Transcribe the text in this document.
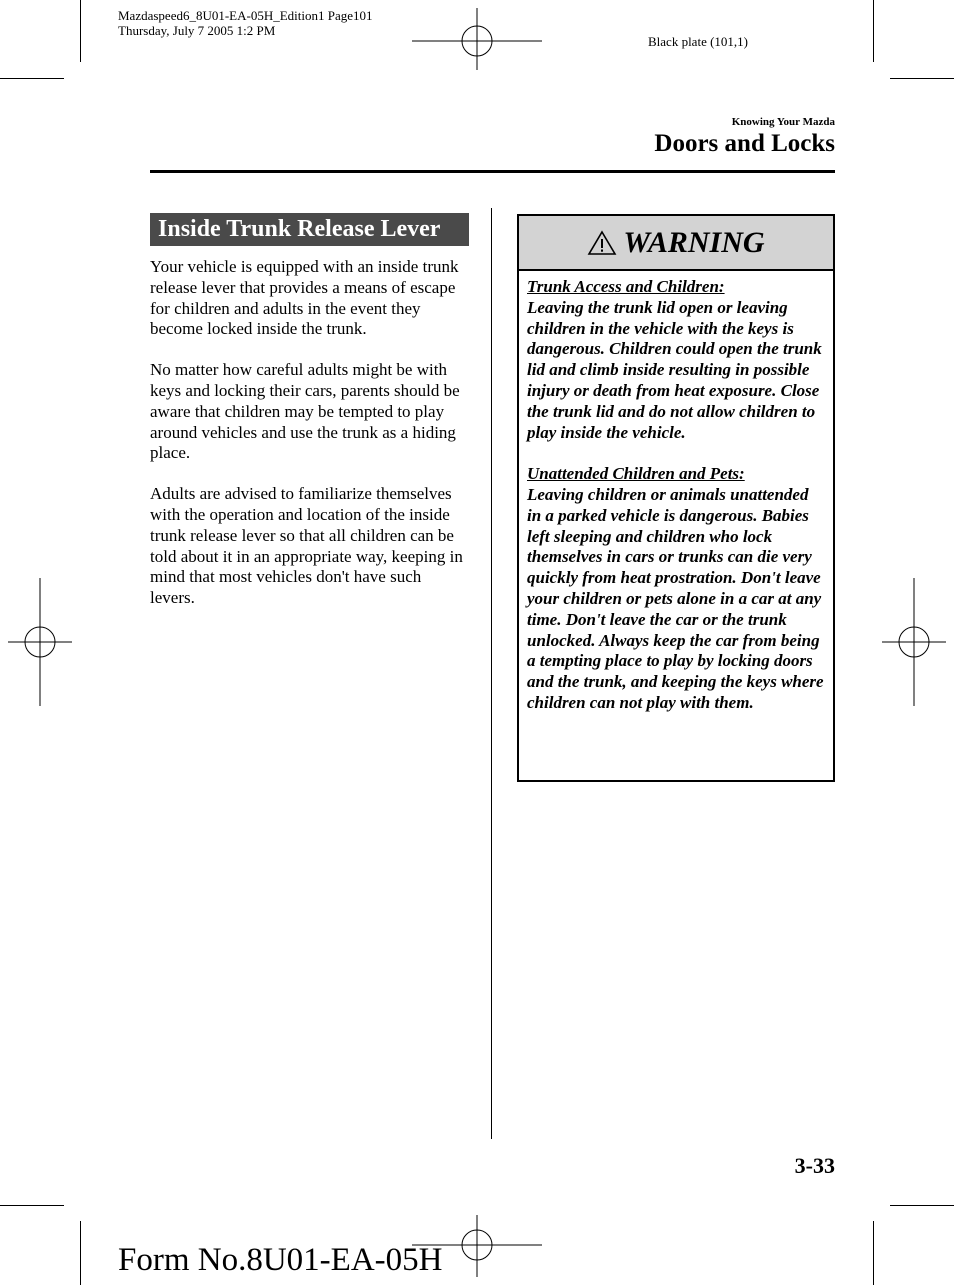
Mazdaspeed6_8U01-EA-05H_Edition1 Page101
Thursday, July 7 2005 1:2 PM
Black plate (101,1)
Knowing Your Mazda
Doors and Locks
Inside Trunk Release Lever

Your vehicle is equipped with an inside trunk release lever that provides a means of escape for children and adults in the event they become locked inside the trunk.

No matter how careful adults might be with keys and locking their cars, parents should be aware that children may be tempted to play around vehicles and use the trunk as a hiding place.

Adults are advised to familiarize themselves with the operation and location of the inside trunk release lever so that all children can be told about it in an appropriate way, keeping in mind that most vehicles don't have such levers.

WARNING

Trunk Access and Children:

Leaving the trunk lid open or leaving children in the vehicle with the keys is dangerous. Children could open the trunk lid and climb inside resulting in possible injury or death from heat exposure. Close the trunk lid and do not allow children to play inside the vehicle.

Unattended Children and Pets:

Leaving children or animals unattended in a parked vehicle is dangerous. Babies left sleeping and children who lock themselves in cars or trunks can die very quickly from heat prostration. Don't leave your children or pets alone in a car at any time. Don't leave the car or the trunk unlocked. Always keep the car from being a tempting place to play by locking doors and the trunk, and keeping the keys where children can not play with them.

3-33
Form No.8U01-EA-05H
